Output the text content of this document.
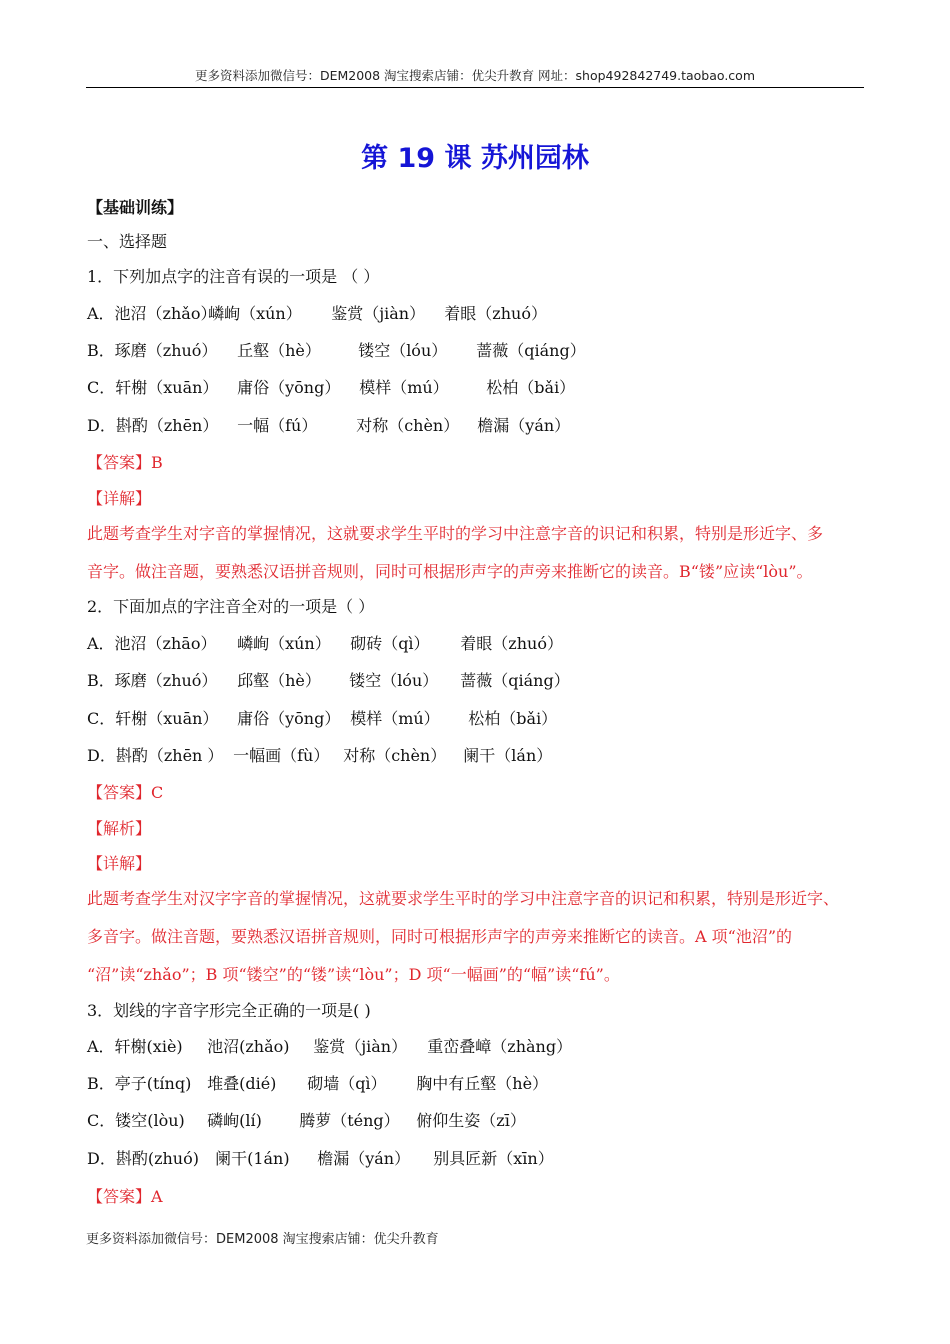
更多资料添加微信号：DEM2008 淘宝搜索店铺：优尖升教育 网址：shop492842749.taobao.com
第 19 课 苏州园林
【基础训练】
一、选择题
1．下列加点字的注音有误的一项是 （ ）
A．池沼（zhǎo） 嶙峋（xún） 鉴赏（jiàn） 着眼（zhuó）
B．琢磨（zhuó） 丘壑（hè） 镂空（lóu） 蔷薇（qiáng）
C．轩榭（xuān） 庸俗（yōng） 模样（mú） 松柏（bǎi）
D．斟酌（zhēn） 一幅（fú） 对称（chèn） 檐漏（yán）
【答案】B
【详解】
此题考查学生对字音的掌握情况，这就要求学生平时的学习中注意字音的识记和积累，特别是形近字、多
音字。做注音题，要熟悉汉语拼音规则，同时可根据形声字的声旁来推断它的读音。B“镂”应读“lòu”。
2．下面加点的字注音全对的一项是（ ）
A．池沼（zhāo） 嶙峋（xún） 砌砖（qì） 着眼（zhuó）
B．琢磨（zhuó） 邱壑（hè） 镂空（lóu） 蔷薇（qiáng）
C．轩榭（xuān） 庸俗（yōng） 模样（mú） 松柏（bǎi）
D．斟酌（zhēn ） 一幅画（fù） 对称（chèn） 阑干（lán）
【答案】C
【解析】
【详解】
此题考查学生对汉字字音的掌握情况，这就要求学生平时的学习中注意字音的识记和积累，特别是形近字、
多音字。做注音题，要熟悉汉语拼音规则，同时可根据形声字的声旁来推断它的读音。A 项“池沼”的
“沼”读“zhǎo”；B 项“镂空”的“镂”读“lòu”；D 项“一幅画”的“幅”读“fú”。
3．划线的字音字形完全正确的一项是( )
A．轩榭(xiè) 池沼(zhǎo) 鉴赏（jiàn） 重峦叠嶂（zhàng）
B．亭子(tínq) 堆叠(dié) 砌墙（qì） 胸中有丘壑（hè）
C．镂空(lòu) 磷峋(lí) 腾萝（téng） 俯仰生姿（zī）
D．斟酌(zhuó) 阑干(1án) 檐漏（yán） 别具匠新（xīn）
【答案】A
更多资料添加微信号：DEM2008 淘宝搜索店铺：优尖升教育
